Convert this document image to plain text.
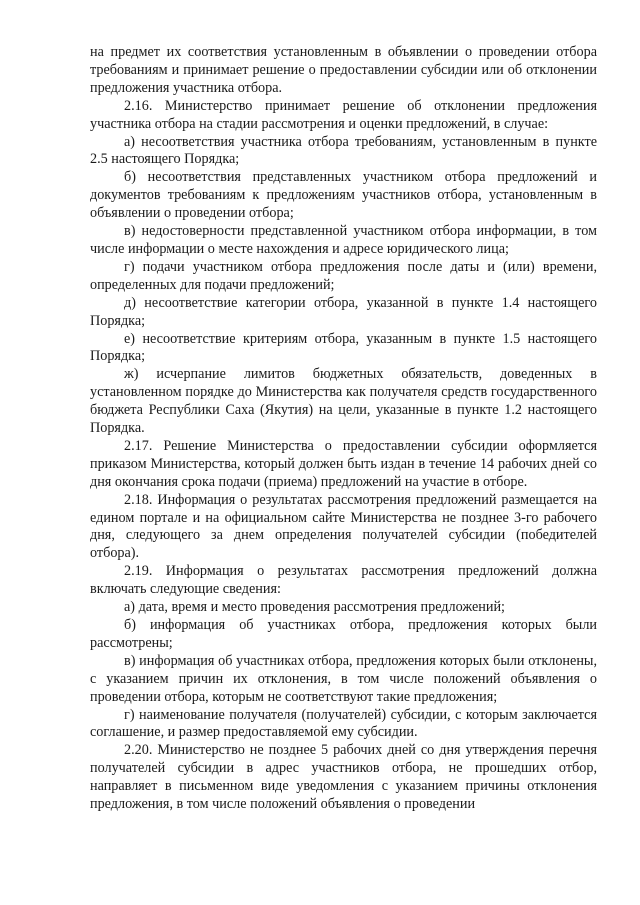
на предмет их соответствия установленным в объявлении о проведении отбора требованиям и принимает решение о предоставлении субсидии или об отклонении предложения участника отбора.

2.16. Министерство принимает решение об отклонении предложения участника отбора на стадии рассмотрения и оценки предложений, в случае:

а) несоответствия участника отбора требованиям, установленным в пункте 2.5 настоящего Порядка;

б) несоответствия представленных участником отбора предложений и документов требованиям к предложениям участников отбора, установленным в объявлении о проведении отбора;

в) недостоверности представленной участником отбора информации, в том числе информации о месте нахождения и адресе юридического лица;

г) подачи участником отбора предложения после даты и (или) времени, определенных для подачи предложений;

д) несоответствие категории отбора, указанной в пункте 1.4 настоящего Порядка;

е) несоответствие критериям отбора, указанным в пункте 1.5 настоящего Порядка;

ж) исчерпание лимитов бюджетных обязательств, доведенных в установленном порядке до Министерства как получателя средств государственного бюджета Республики Саха (Якутия) на цели, указанные в пункте 1.2 настоящего Порядка.

2.17. Решение Министерства о предоставлении субсидии оформляется приказом Министерства, который должен быть издан в течение 14 рабочих дней со дня окончания срока подачи (приема) предложений на участие в отборе.

2.18. Информация о результатах рассмотрения предложений размещается на едином портале и на официальном сайте Министерства не позднее 3-го рабочего дня, следующего за днем определения получателей субсидии (победителей отбора).

2.19. Информация о результатах рассмотрения предложений должна включать следующие сведения:

а) дата, время и место проведения рассмотрения предложений;

б) информация об участниках отбора, предложения которых были рассмотрены;

в) информация об участниках отбора, предложения которых были отклонены, с указанием причин их отклонения, в том числе положений объявления о проведении отбора, которым не соответствуют такие предложения;

г) наименование получателя (получателей) субсидии, с которым заключается соглашение, и размер предоставляемой ему субсидии.

2.20. Министерство не позднее 5 рабочих дней со дня утверждения перечня получателей субсидии в адрес участников отбора, не прошедших отбор, направляет в письменном виде уведомления с указанием причины отклонения предложения, в том числе положений объявления о проведении
